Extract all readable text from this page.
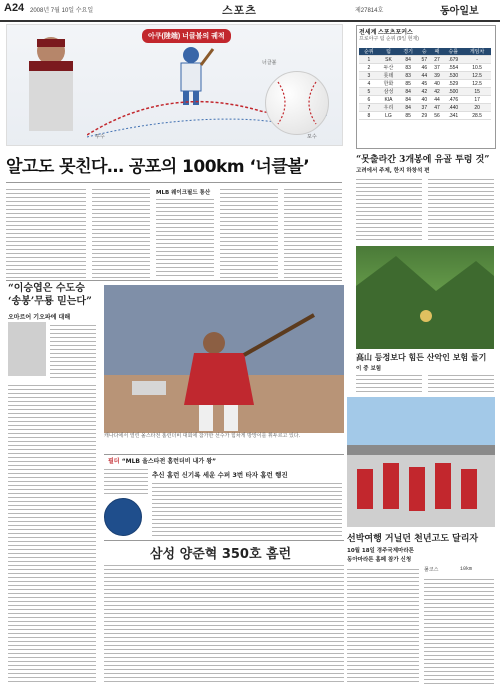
A24 2008년 7월 10일 수요일	스포츠	제27814호	동아일보
아쿠(陸端) 너클볼의 궤적
너클볼
투수	포수
알고도 못친다… 공포의 100km ‘너클볼’
MLB 웨이크필드 통산
“이승엽은 수도승 ‘송봉’무룡 믿는다”
오마르어 기오파에 대해
캐나다에서 열린 올스타전 홈런더비 대회에 참가한 선수가 힘차게 방망이를 휘두르고 있다.
필더 “MLB 올스타전 홈런더비 내가 왕”
추신 홈런 신기록 세운 수퍼 3번 타자 홈런 행진
삼성 양준혁 350호 홈런
전세계 스포츠포커스
프로야구 팀 순위 (9일 현재)
순위	팀	경기	승	패	승률	게임차
1	SK	84	57	27	.679	-
2	두산	83	46	37	.554	10.5
3	롯데	83	44	39	.530	12.5
4	한화	85	45	40	.529	12.5
5	삼성	84	42	42	.500	15
6	KIA	84	40	44	.476	17
7	우리	84	37	47	.440	20
8	LG	85	29	56	.341	28.5
“못출라간 3개봉에 유골 투렁 것”
고려에서 주제, 한지 하창석 편
高山 등정보다 힘든 산악인 보험 들기
이 중 보험
선박여행 거닐던 천년고도 달리자
10월 18일 경주국제마라톤
동아마라톤 홈페 참가 신청
풀코스	10km
